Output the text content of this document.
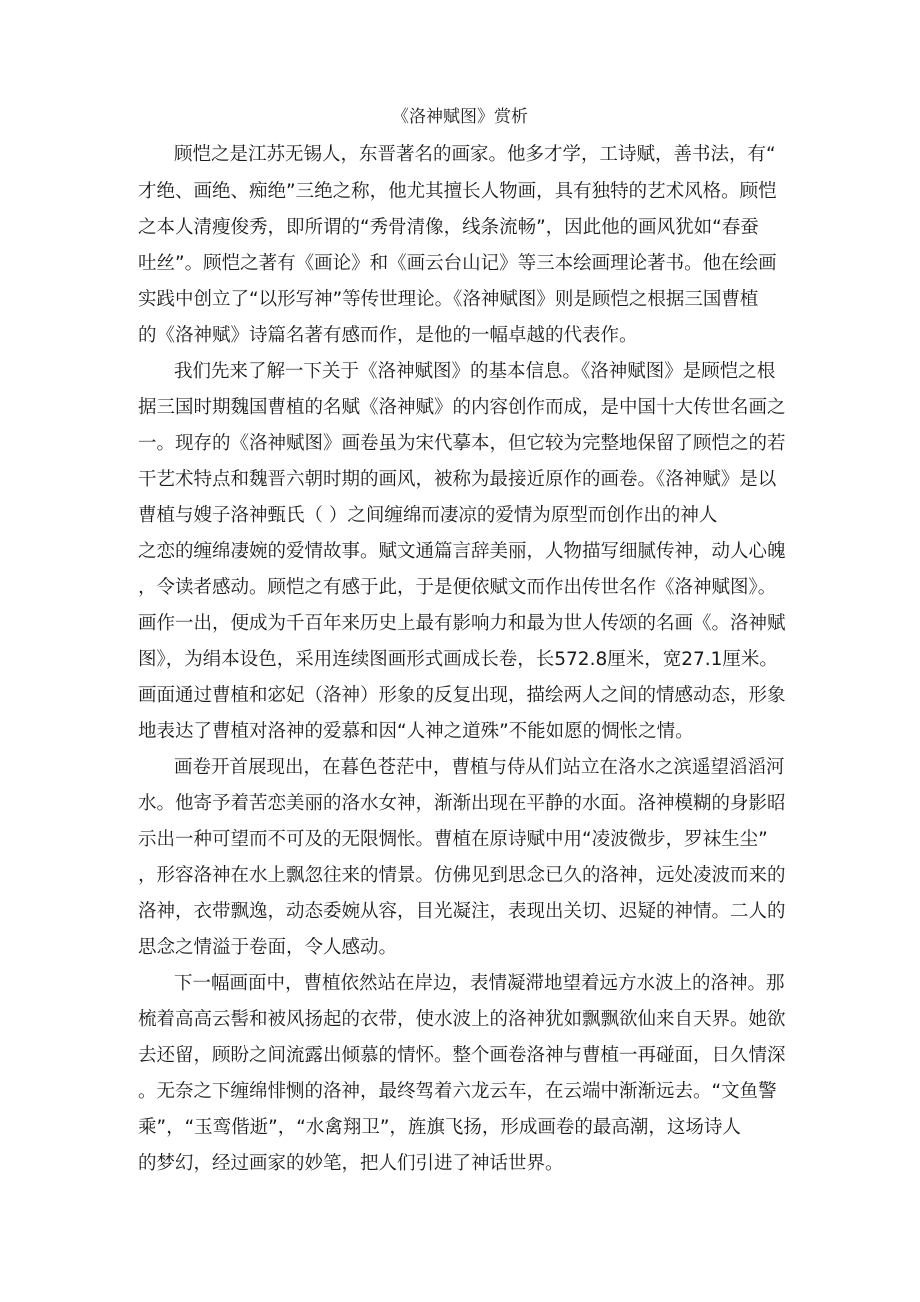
《洛神赋图》赏析
顾恺之是江苏无锡人，东晋著名的画家。他多才学，工诗赋，善书法，有“
才绝、画绝、痴绝”三绝之称，他尤其擅长人物画，具有独特的艺术风格。顾恺
之本人清瘦俊秀，即所谓的“秀骨清像，线条流畅”，因此他的画风犹如“春蚕
吐丝”。顾恺之著有《画论》和《画云台山记》等三本绘画理论著书。他在绘画
实践中创立了“以形写神”等传世理论。《洛神赋图》则是顾恺之根据三国曹植
的《洛神赋》诗篇名著有感而作，是他的一幅卓越的代表作。
我们先来了解一下关于《洛神赋图》的基本信息。《洛神赋图》是顾恺之根
据三国时期魏国曹植的名赋《洛神赋》的内容创作而成，是中国十大传世名画之
一。现存的《洛神赋图》画卷虽为宋代摹本，但它较为完整地保留了顾恺之的若
干艺术特点和魏晋六朝时期的画风，被称为最接近原作的画卷。《洛神赋》是以
曹植与嫂子洛神甄氏（ ）之间缠绵而凄凉的爱情为原型而创作出的神人
之恋的缠绵凄婉的爱情故事。赋文通篇言辞美丽，人物描写细腻传神，动人心魄
，令读者感动。顾恺之有感于此，于是便依赋文而作出传世名作《洛神赋图》。
画作一出，便成为千百年来历史上最有影响力和最为世人传颂的名画《。洛神赋
图》，为绢本设色，采用连续图画形式画成长卷，长572.8厘米，宽27.1厘米。
画面通过曹植和宓妃（洛神）形象的反复出现，描绘两人之间的情感动态，形象
地表达了曹植对洛神的爱慕和因“人神之道殊”不能如愿的惆怅之情。
画卷开首展现出，在暮色苍茫中，曹植与侍从们站立在洛水之滨遥望滔滔河
水。他寄予着苦恋美丽的洛水女神，渐渐出现在平静的水面。洛神模糊的身影昭
示出一种可望而不可及的无限惆怅。曹植在原诗赋中用“凌波微步，罗袜生尘”
，形容洛神在水上飘忽往来的情景。仿佛见到思念已久的洛神，远处凌波而来的
洛神，衣带飘逸，动态委婉从容，目光凝注，表现出关切、迟疑的神情。二人的
思念之情溢于卷面，令人感动。
下一幅画面中，曹植依然站在岸边，表情凝滞地望着远方水波上的洛神。那
梳着高高云髻和被风扬起的衣带，使水波上的洛神犹如飘飘欲仙来自天界。她欲
去还留，顾盼之间流露出倾慕的情怀。整个画卷洛神与曹植一再碰面，日久情深
。无奈之下缠绵悱恻的洛神，最终驾着六龙云车，在云端中渐渐远去。“文鱼警
乘”，“玉鸾偕逝”，“水禽翔卫”，旌旗飞扬，形成画卷的最高潮，这场诗人
的梦幻，经过画家的妙笔，把人们引进了神话世界。
